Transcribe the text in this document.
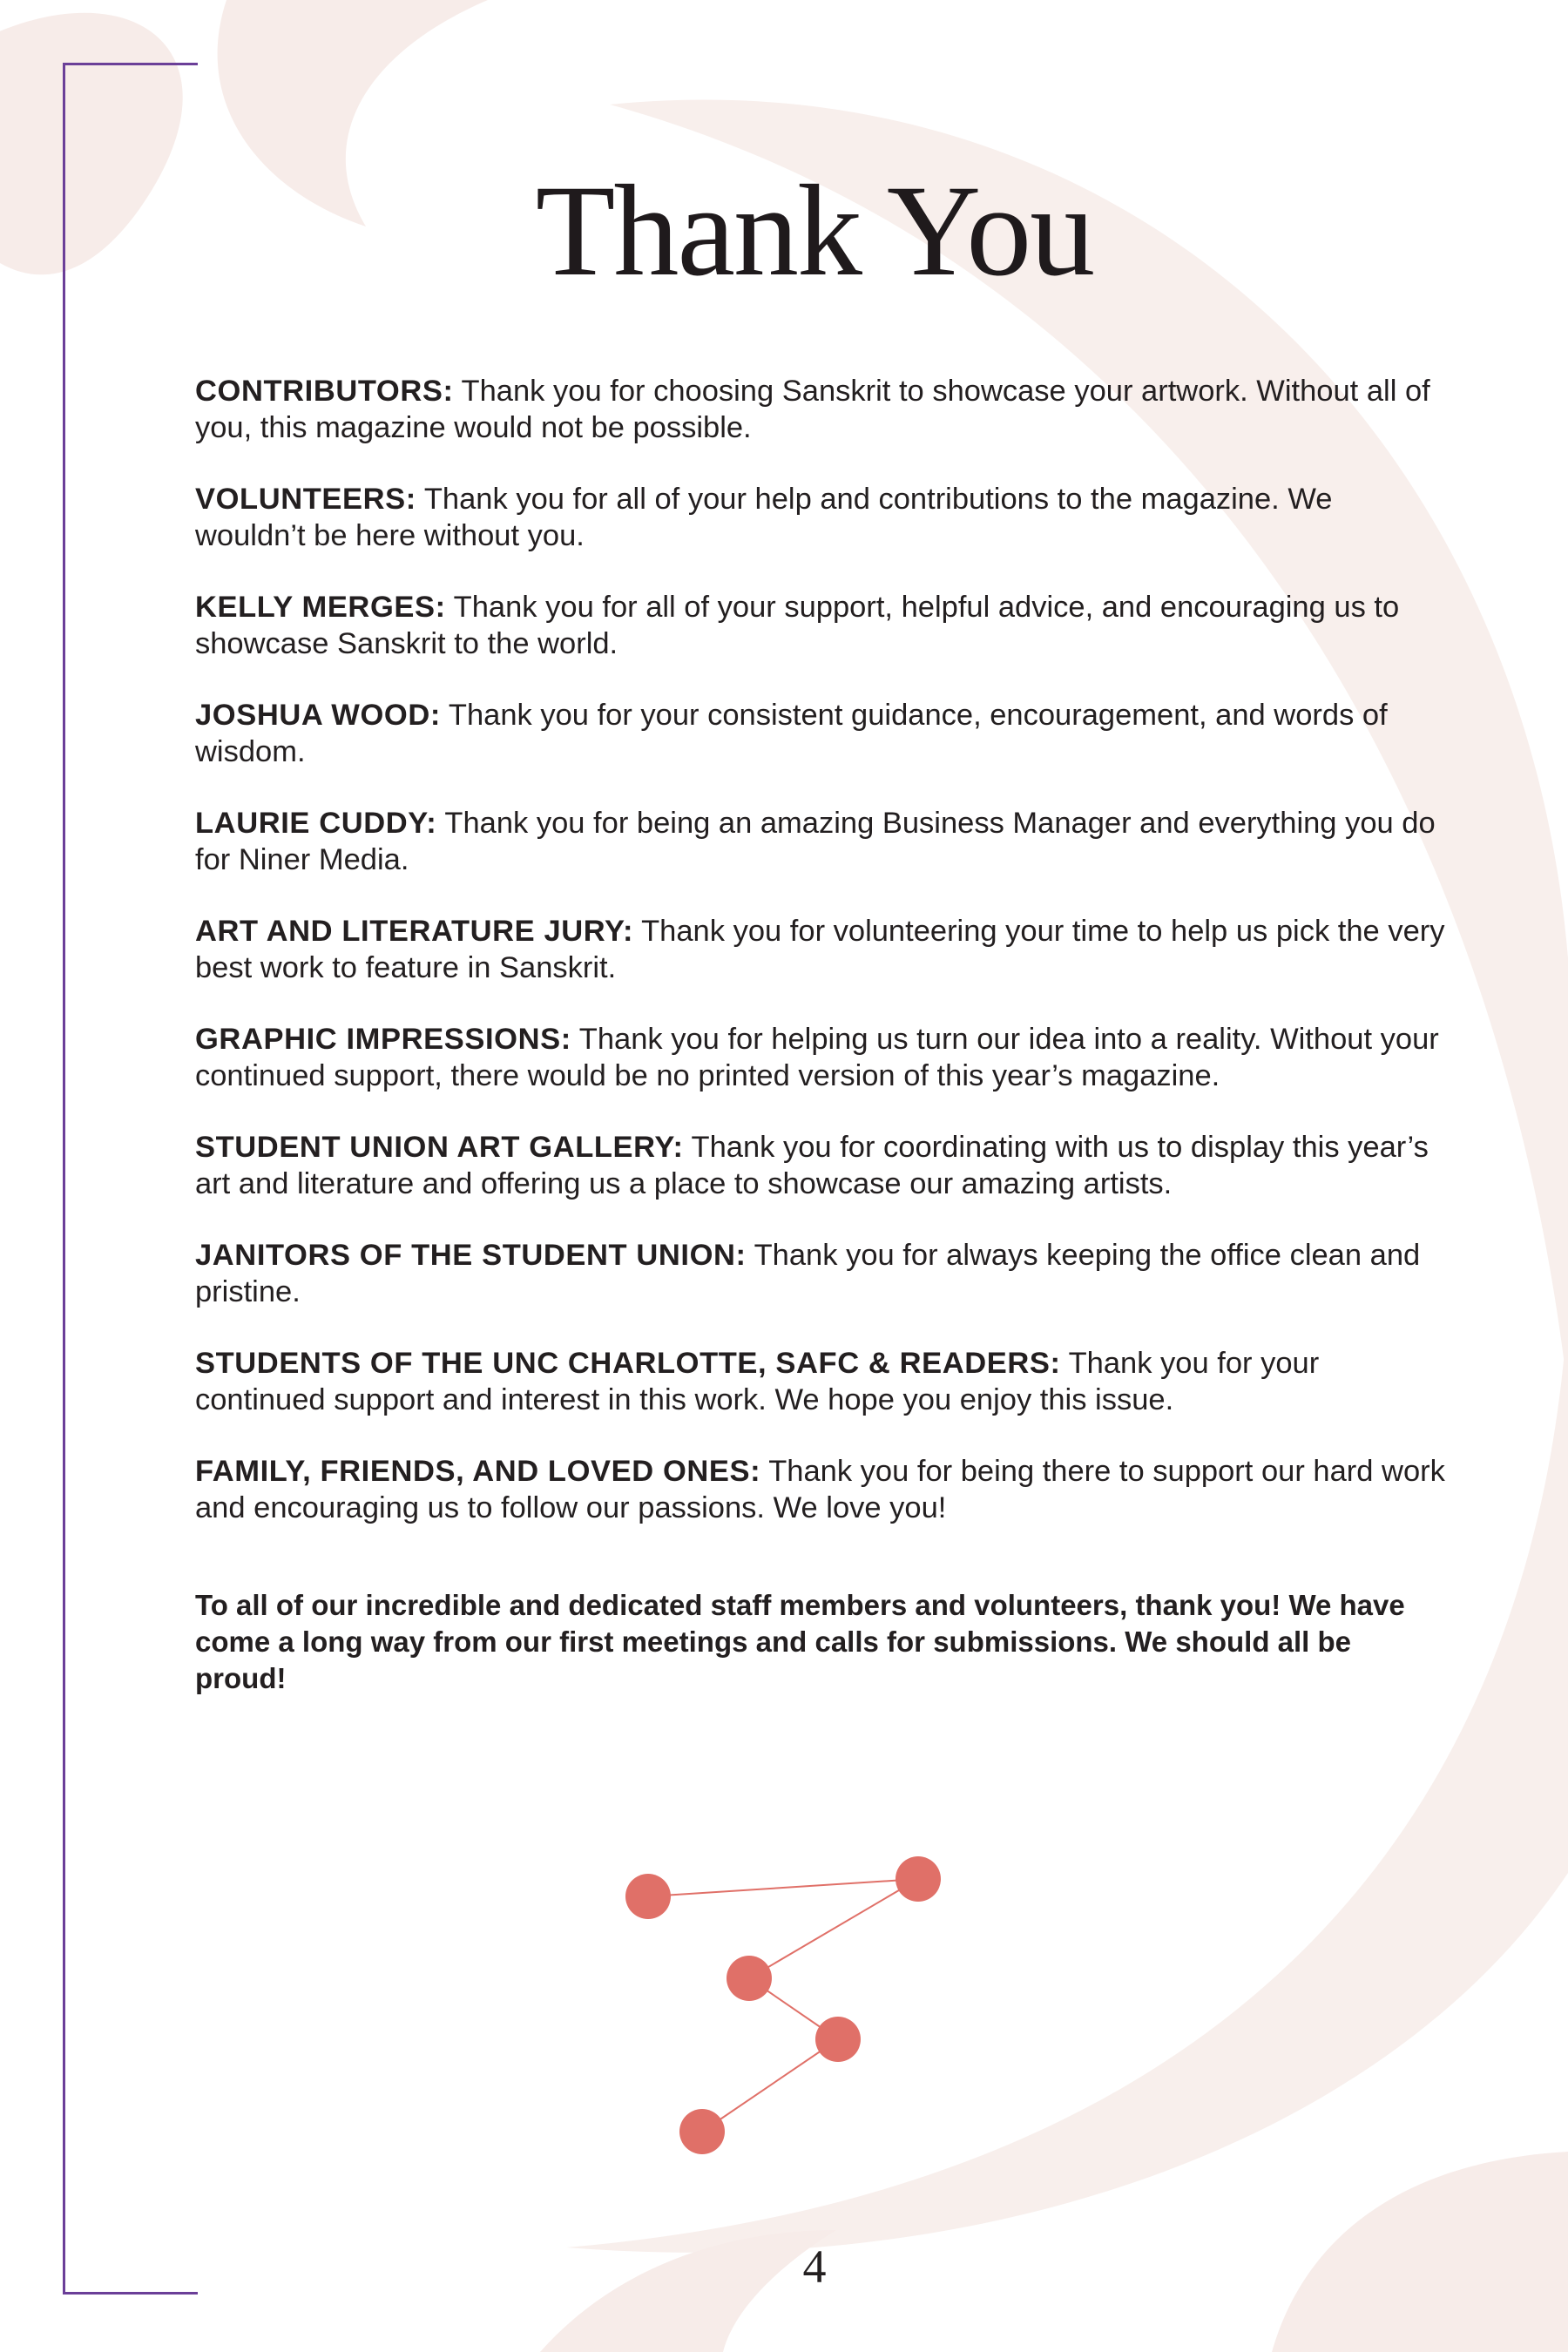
Thank You

CONTRIBUTORS: Thank you for choosing Sanskrit to showcase your artwork. Without all of you, this magazine would not be possible.

VOLUNTEERS: Thank you for all of your help and contributions to the magazine. We wouldn’t be here without you.

KELLY MERGES: Thank you for all of your support, helpful advice, and encouraging us to showcase Sanskrit to the world.

JOSHUA WOOD: Thank you for your consistent guidance, encouragement, and words of wisdom.

LAURIE CUDDY: Thank you for being an amazing Business Manager and everything you do for Niner Media.

ART AND LITERATURE JURY: Thank you for volunteering your time to help us pick the very best work to feature in Sanskrit.

GRAPHIC IMPRESSIONS: Thank you for helping us turn our idea into a reality. Without your continued support, there would be no printed version of this year’s magazine.

STUDENT UNION ART GALLERY: Thank you for coordinating with us to display this year’s art and literature and offering us a place to showcase our amazing artists.

JANITORS OF THE STUDENT UNION: Thank you for always keeping the office clean and pristine.

STUDENTS OF THE UNC CHARLOTTE, SAFC & READERS: Thank you for your continued support and interest in this work. We hope you enjoy this issue.

FAMILY, FRIENDS, AND LOVED ONES: Thank you for being there to support our hard work and encouraging us to follow our passions. We love you!

To all of our incredible and dedicated staff members and volunteers, thank you! We have come a long way from our first meetings and calls for submissions. We should all be proud!

4
